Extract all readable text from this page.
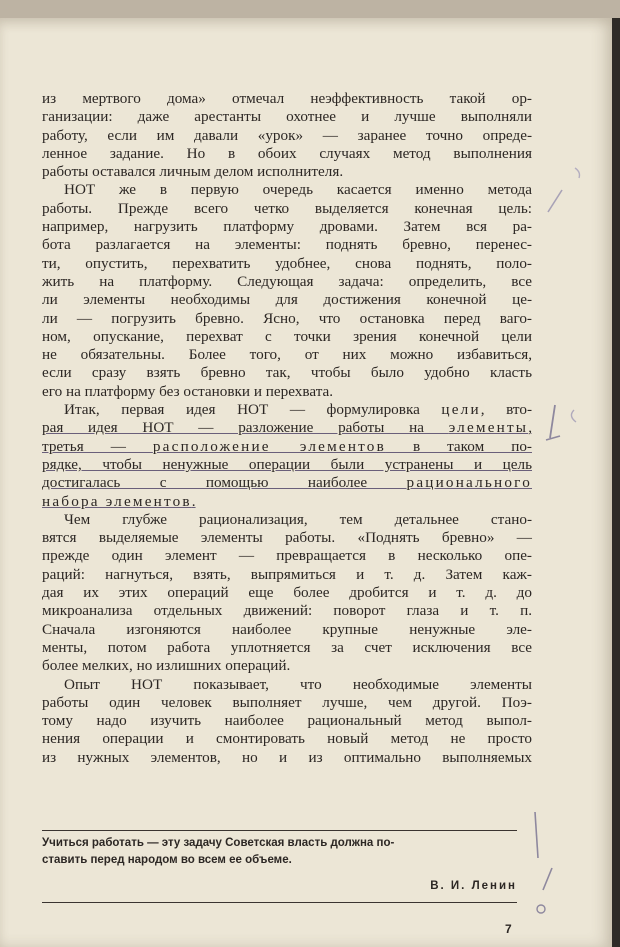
из мертвого дома» отмечал неэффективность такой ор-

ганизации: даже арестанты охотнее и лучше выполняли

работу, если им давали «урок» — заранее точно опреде-

ленное задание. Но в обоих случаях метод выполнения

работы оставался личным делом исполнителя.

НОТ же в первую очередь касается именно метода

работы. Прежде всего четко выделяется конечная цель:

например, нагрузить платформу дровами. Затем вся ра-

бота разлагается на элементы: поднять бревно, перенес-

ти, опустить, перехватить удобнее, снова поднять, поло-

жить на платформу. Следующая задача: определить, все

ли элементы необходимы для достижения конечной це-

ли — погрузить бревно. Ясно, что остановка перед ваго-

ном, опускание, перехват с точки зрения конечной цели

не обязательны. Более того, от них можно избавиться,

если сразу взять бревно так, чтобы было удобно класть

его на платформу без остановки и перехвата.

Итак, первая идея НОТ — формулировка цели, вто-

рая идея НОТ — разложение работы на элементы,

третья — расположение элементов в таком по-

рядке, чтобы ненужные операции были устранены и цель

достигалась с помощью наиболее рационального

набора элементов.

Чем глубже рационализация, тем детальнее стано-

вятся выделяемые элементы работы. «Поднять бревно» —

прежде один элемент — превращается в несколько опе-

раций: нагнуться, взять, выпрямиться и т. д. Затем каж-

дая их этих операций еще более дробится и т. д. до

микроанализа отдельных движений: поворот глаза и т. п.

Сначала изгоняются наиболее крупные ненужные эле-

менты, потом работа уплотняется за счет исключения все

более мелких, но излишних операций.

Опыт НОТ показывает, что необходимые элементы

работы один человек выполняет лучше, чем другой. Поэ-

тому надо изучить наиболее рациональный метод выпол-

нения операции и смонтировать новый метод не просто

из нужных элементов, но и из оптимально выполняемых

Учиться работать — эту задачу Советская власть должна по-

ставить перед народом во всем ее объеме.

В. И. Ленин
7
